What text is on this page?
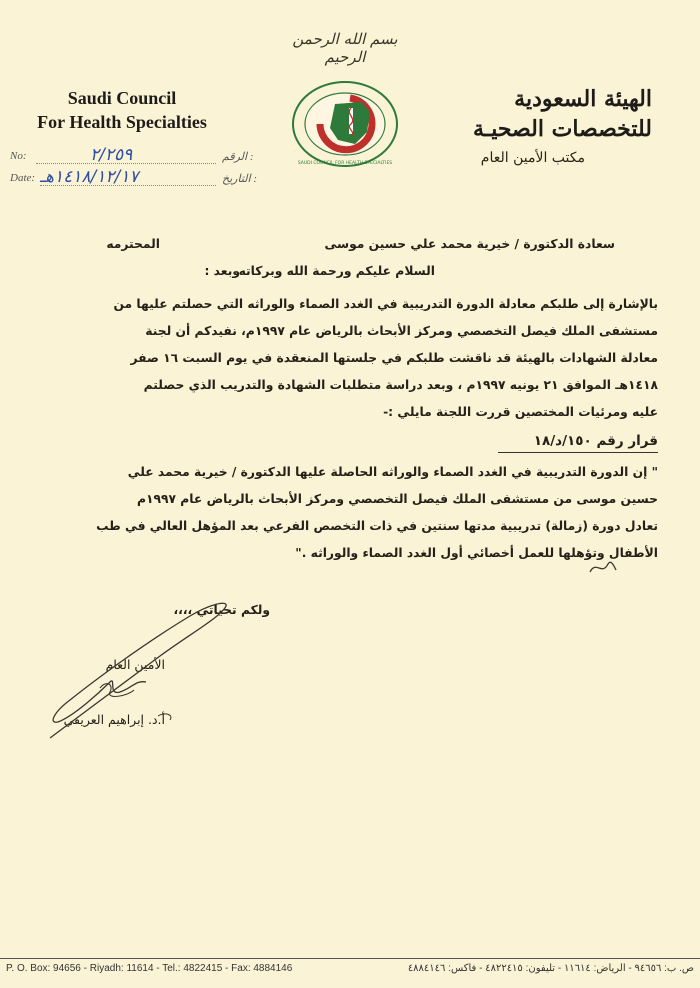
بسم الله الرحمن الرحيم
Saudi Council
For Health Specialties
الهيئة السعودية
للتخصصات الصحيـة
مكتب الأمين العام
SAUDI COUNCIL FOR HEALTH SPECIALTIES
No:	٢/٢٥٩	الرقم :
Date: ١٤١٨/١٢/١٧هـ	التاريخ :
سعادة الدكتورة / خيرية محمد علي حسين موسى
المحترمه
السلام عليكم ورحمة الله وبركاته
وبعد :
بالإشارة إلى طلبكم معادلة الدورة التدريبية في الغدد الصماء والوراثه التي حصلتم عليها من
مستشفى الملك فيصل التخصصي ومركز الأبحاث بالرياض عام ١٩٩٧م، نفيدكم أن لجنة
معادلة الشهادات بالهيئة قد ناقشت طلبكم في جلستها المنعقدة في يوم السبت ١٦ صفر
١٤١٨هـ الموافق ٢١ يونيه ١٩٩٧م ، وبعد دراسة متطلبات الشهادة والتدريب الذي حصلتم
عليه ومرئيات المختصين قررت اللجنة مايلي :-
قرار رقم ١٥٠/د/١٨
" إن الدورة التدريبية في الغدد الصماء والوراثه الحاصلة عليها الدكتورة / خيرية محمد علي
حسين موسى من مستشفى الملك فيصل التخصصي ومركز الأبحاث بالرياض عام ١٩٩٧م
تعادل دورة (زمالة) تدريبية مدتها سنتين في ذات التخصص الفرعي بعد المؤهل العالي في طب
الأطفال وتؤهلها للعمل أخصائي أول الغدد الصماء والوراثه ."
ولكم تحياتي ،،،،
الأمين العام
أ.د. إبراهيم العريفي
P. O. Box: 94656 - Riyadh: 11614 - Tel.: 4822415 - Fax: 4884146	ص. ب: ٩٤٦٥٦ - الرياض: ١١٦١٤ - تليفون: ٤٨٢٢٤١٥ - فاكس: ٤٨٨٤١٤٦
